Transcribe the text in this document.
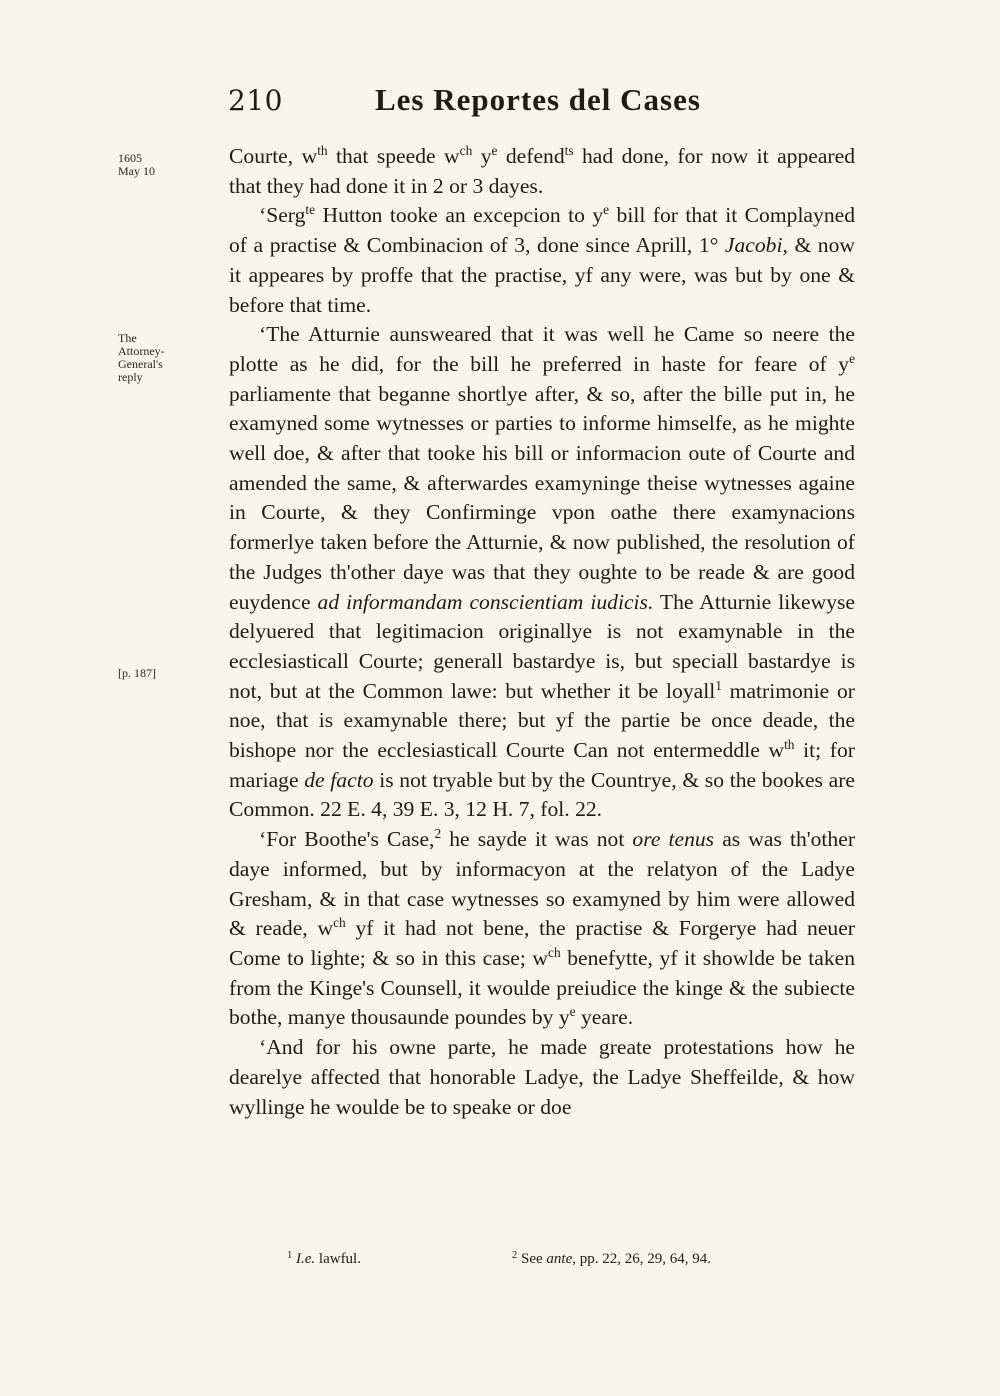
210	Les Reportes del Cases
1605
May 10
The
Attorney-
General's
reply
[p. 187]

Courte, $w^{th}$ that speede $w^{ch}$ $y^e$ defend$^{ts}$ had done, for now it appeared that they had done it in 2 or 3 dayes.

‘Serg$^{te}$ Hutton tooke an excepcion to $y^e$ bill for that it Complayned of a practise & Combinacion of 3, done since Aprill, 1° Jacobi, & now it appeares by proffe that the practise, yf any were, was but by one & before that time.

‘The Atturnie aunsweared that it was well he Came so neere the plotte as he did, for the bill he preferred in haste for feare of $y^e$ parliamente that beganne shortlye after, & so, after the bille put in, he examyned some wytnesses or parties to informe himselfe, as he mighte well doe, & after that tooke his bill or informacion oute of Courte and amended the same, & afterwardes examyninge theise wytnesses againe in Courte, & they Confirminge vpon oathe there examynacions formerlye taken before the Atturnie, & now published, the resolution of the Judges th'other daye was that they oughte to be reade & are good euydence ad informandam conscientiam iudicis. The Atturnie likewyse delyuered that legitimacion originallye is not examynable in the ecclesiasticall Courte; generall bastardye is, but speciall bastardye is not, but at the Common lawe: but whether it be loyall$^1$ matrimonie or noe, that is examynable there; but yf the partie be once deade, the bishope nor the ecclesiasticall Courte Can not entermeddle $w^{th}$ it; for mariage de facto is not tryable but by the Countrye, & so the bookes are Common. 22 E. 4, 39 E. 3, 12 H. 7, fol. 22.

‘For Boothe's Case,$^2$ he sayde it was not ore tenus as was th'other daye informed, but by informacyon at the relatyon of the Ladye Gresham, & in that case wytnesses so examyned by him were allowed & reade, $w^{ch}$ yf it had not bene, the practise & Forgerye had neuer Come to lighte; & so in this case; $w^{ch}$ benefytte, yf it showlde be taken from the Kinge's Counsell, it woulde preiudice the kinge & the subiecte bothe, manye thousaunde poundes by $y^e$ yeare.

‘And for his owne parte, he made greate protestations how he dearelye affected that honorable Ladye, the Ladye Sheffeilde, & how wyllinge he woulde be to speake or doe

$^1$ I.e. lawful.	$^2$ See ante, pp. 22, 26, 29, 64, 94.
